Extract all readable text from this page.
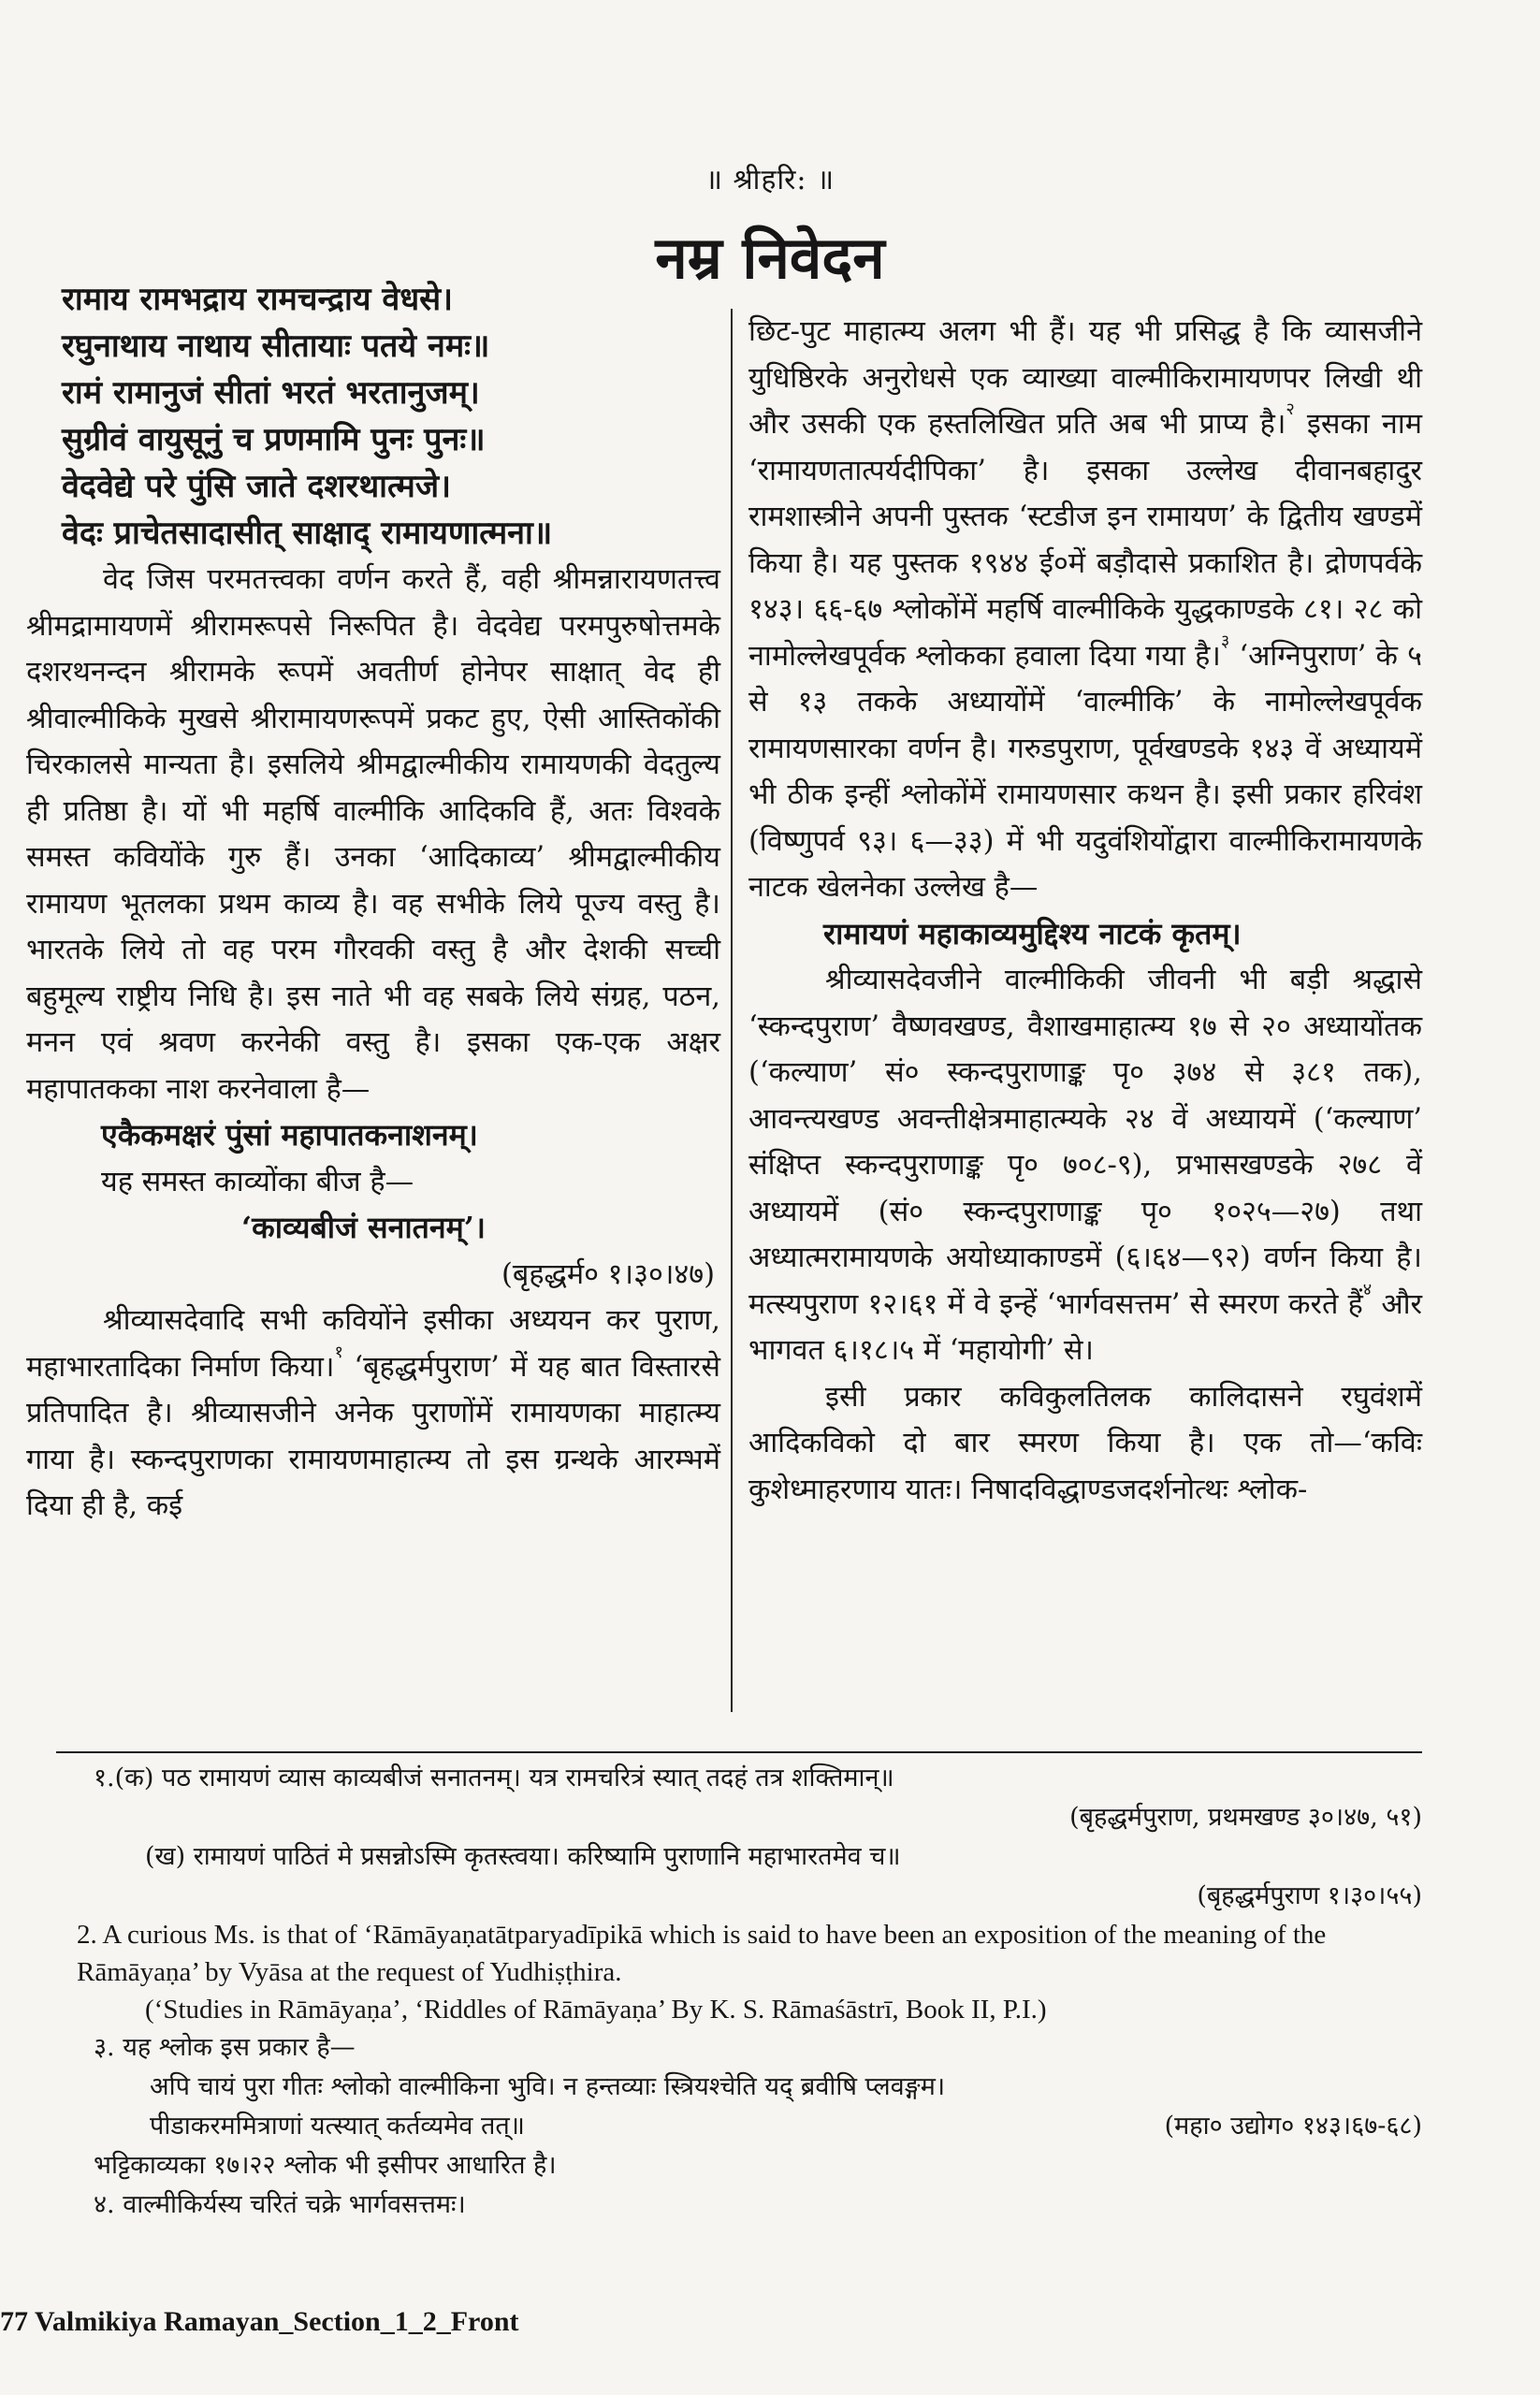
॥ श्रीहरि: ॥
नम्र निवेदन
रामाय रामभद्राय रामचन्द्राय वेधसे।
रघुनाथाय नाथाय सीतायाः पतये नमः॥
रामं रामानुजं सीतां भरतं भरतानुजम्।
सुग्रीवं वायुसूनुं च प्रणमामि पुनः पुनः॥
वेदवेद्ये परे पुंसि जाते दशरथात्मजे।
वेदः प्राचेतसादासीत् साक्षाद् रामायणात्मना॥

वेद जिस परमतत्त्वका वर्णन करते हैं, वही श्रीमन्नारायणतत्त्व श्रीमद्रामायणमें श्रीरामरूपसे निरूपित है। वेदवेद्य परमपुरुषोत्तमके दशरथनन्दन श्रीरामके रूपमें अवतीर्ण होनेपर साक्षात् वेद ही श्रीवाल्मीकिके मुखसे श्रीरामायणरूपमें प्रकट हुए, ऐसी आस्तिकोंकी चिरकालसे मान्यता है। इसलिये श्रीमद्वाल्मीकीय रामायणकी वेदतुल्य ही प्रतिष्ठा है। यों भी महर्षि वाल्मीकि आदिकवि हैं, अतः विश्वके समस्त कवियोंके गुरु हैं। उनका ‘आदिकाव्य’ श्रीमद्वाल्मीकीय रामायण भूतलका प्रथम काव्य है। वह सभीके लिये पूज्य वस्तु है। भारतके लिये तो वह परम गौरवकी वस्तु है और देशकी सच्ची बहुमूल्य राष्ट्रीय निधि है। इस नाते भी वह सबके लिये संग्रह, पठन, मनन एवं श्रवण करनेकी वस्तु है। इसका एक-एक अक्षर महापातकका नाश करनेवाला है—

एकैकमक्षरं पुंसां महापातकनाशनम्।

यह समस्त काव्योंका बीज है—

‘काव्यबीजं सनातनम्’।

(बृहद्धर्म० १।३०।४७)

श्रीव्यासदेवादि सभी कवियोंने इसीका अध्ययन कर पुराण, महाभारतादिका निर्माण किया।$^१$ ‘बृहद्धर्मपुराण’ में यह बात विस्तारसे प्रतिपादित है। श्रीव्यासजीने अनेक पुराणोंमें रामायणका माहात्म्य गाया है। स्कन्दपुराणका रामायणमाहात्म्य तो इस ग्रन्थके आरम्भमें दिया ही है, कई

छिट-पुट माहात्म्य अलग भी हैं। यह भी प्रसिद्ध है कि व्यासजीने युधिष्ठिरके अनुरोधसे एक व्याख्या वाल्मीकिरामायणपर लिखी थी और उसकी एक हस्तलिखित प्रति अब भी प्राप्य है।$^२$ इसका नाम ‘रामायणतात्पर्यदीपिका’ है। इसका उल्लेख दीवानबहादुर रामशास्त्रीने अपनी पुस्तक ‘स्टडीज इन रामायण’ के द्वितीय खण्डमें किया है। यह पुस्तक १९४४ ई०में बड़ौदासे प्रकाशित है। द्रोणपर्वके १४३। ६६-६७ श्लोकोंमें महर्षि वाल्मीकिके युद्धकाण्डके ८१। २८ को नामोल्लेखपूर्वक श्लोकका हवाला दिया गया है।$^३$ ‘अग्निपुराण’ के ५ से १३ तकके अध्यायोंमें ‘वाल्मीकि’ के नामोल्लेखपूर्वक रामायणसारका वर्णन है। गरुडपुराण, पूर्वखण्डके १४३ वें अध्यायमें भी ठीक इन्हीं श्लोकोंमें रामायणसार कथन है। इसी प्रकार हरिवंश (विष्णुपर्व ९३। ६—३३) में भी यदुवंशियोंद्वारा वाल्मीकिरामायणके नाटक खेलनेका उल्लेख है—

रामायणं महाकाव्यमुद्दिश्य नाटकं कृतम्।

श्रीव्यासदेवजीने वाल्मीकिकी जीवनी भी बड़ी श्रद्धासे ‘स्कन्दपुराण’ वैष्णवखण्ड, वैशाखमाहात्म्य १७ से २० अध्यायोंतक (‘कल्याण’ सं० स्कन्दपुराणाङ्क पृ० ३७४ से ३८१ तक), आवन्त्यखण्ड अवन्तीक्षेत्रमाहात्म्यके २४ वें अध्यायमें (‘कल्याण’ संक्षिप्त स्कन्दपुराणाङ्क पृ० ७०८-९), प्रभासखण्डके २७८ वें अध्यायमें (सं० स्कन्दपुराणाङ्क पृ० १०२५—२७) तथा अध्यात्मरामायणके अयोध्याकाण्डमें (६।६४—९२) वर्णन किया है। मत्स्यपुराण १२।६१ में वे इन्हें ‘भार्गवसत्तम’ से स्मरण करते हैं$^४$ और भागवत ६।१८।५ में ‘महायोगी’ से।

इसी प्रकार कविकुलतिलक कालिदासने रघुवंशमें आदिकविको दो बार स्मरण किया है। एक तो—‘कविः कुशेध्माहरणाय यातः। निषादविद्धाण्डजदर्शनोत्थः श्लोक-

१.(क) पठ रामायणं व्यास काव्यबीजं सनातनम्। यत्र रामचरित्रं स्यात् तदहं तत्र शक्तिमान्॥

(बृहद्धर्मपुराण, प्रथमखण्ड ३०।४७, ५१)

(ख) रामायणं पाठितं मे प्रसन्नोऽस्मि कृतस्त्वया। करिष्यामि पुराणानि महाभारतमेव च॥

(बृहद्धर्मपुराण १।३०।५५)

2. A curious Ms. is that of ‘Rāmāyaṇatātparyadīpikā which is said to have been an exposition of the meaning of the Rāmāyaṇa’ by Vyāsa at the request of Yudhiṣṭhira.

(‘Studies in Rāmāyaṇa’, ‘Riddles of Rāmāyaṇa’ By K. S. Rāmaśāstrī, Book II, P.I.)

३. यह श्लोक इस प्रकार है—

अपि चायं पुरा गीतः श्लोको वाल्मीकिना भुवि। न हन्तव्याः स्त्रियश्चेति यद् ब्रवीषि प्लवङ्गम।

पीडाकरममित्राणां यत्स्यात् कर्तव्यमेव तत्॥	(महा० उद्योग० १४३।६७-६८)

भट्टिकाव्यका १७।२२ श्लोक भी इसीपर आधारित है।

४. वाल्मीकिर्यस्य चरितं चक्रे भार्गवसत्तमः।

77 Valmikiya Ramayan_Section_1_2_Front
